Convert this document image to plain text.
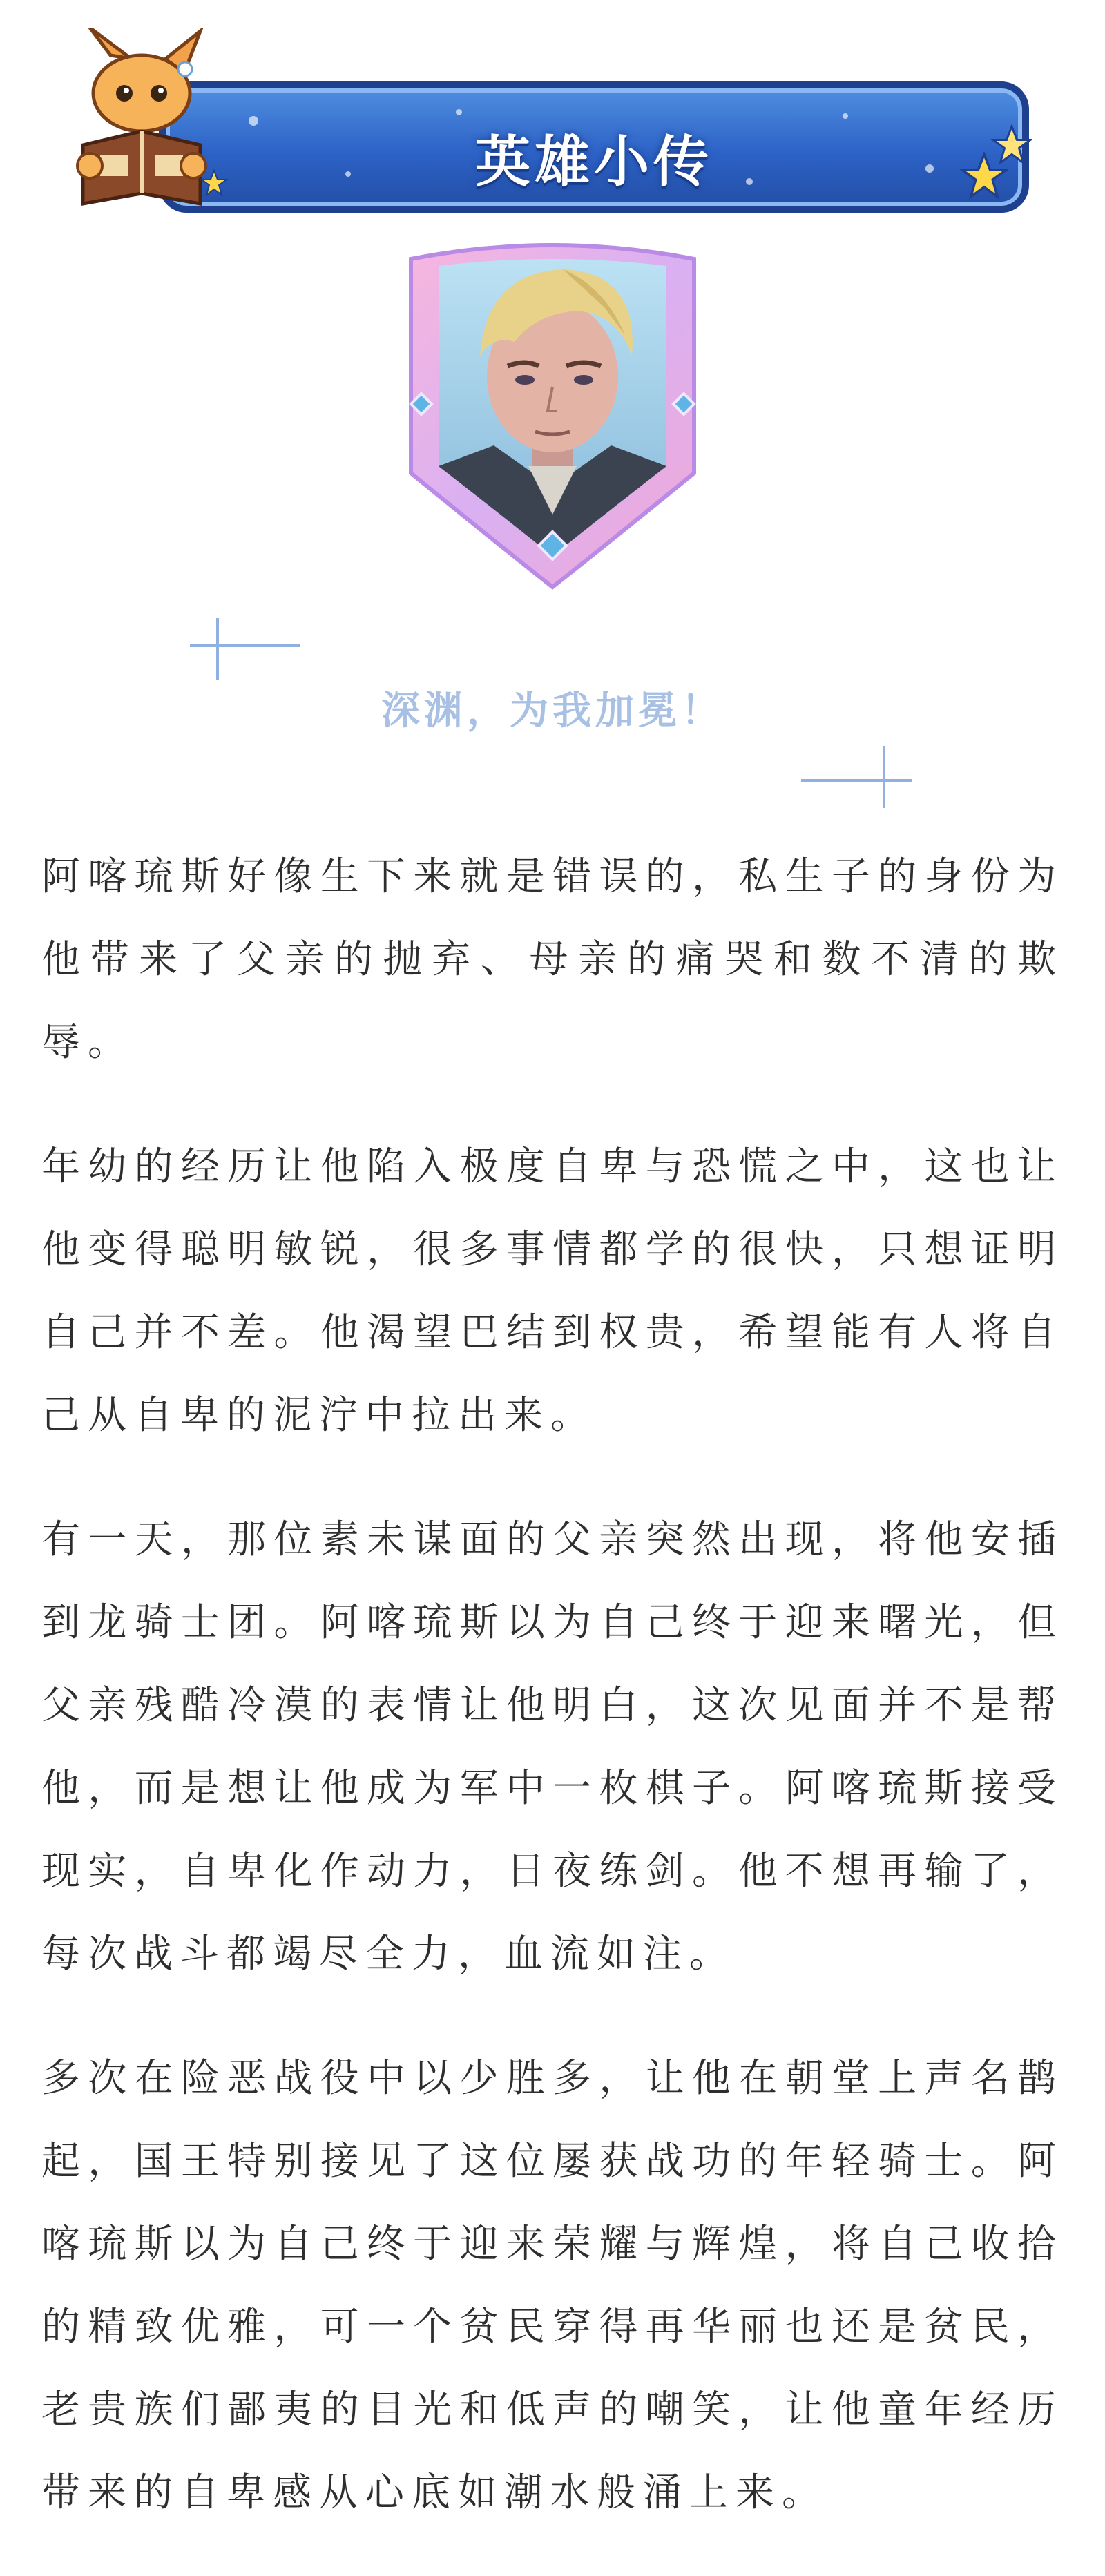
英雄小传
深渊，为我加冕！

阿喀琉斯好像生下来就是错误的，私生子的身份为他带来了父亲的抛弃、母亲的痛哭和数不清的欺辱。

年幼的经历让他陷入极度自卑与恐慌之中，这也让他变得聪明敏锐，很多事情都学的很快，只想证明自己并不差。他渴望巴结到权贵，希望能有人将自己从自卑的泥泞中拉出来。

有一天，那位素未谋面的父亲突然出现，将他安插到龙骑士团。阿喀琉斯以为自己终于迎来曙光，但父亲残酷冷漠的表情让他明白，这次见面并不是帮他，而是想让他成为军中一枚棋子。阿喀琉斯接受现实，自卑化作动力，日夜练剑。他不想再输了，每次战斗都竭尽全力，血流如注。

多次在险恶战役中以少胜多，让他在朝堂上声名鹊起，国王特别接见了这位屡获战功的年轻骑士。阿喀琉斯以为自己终于迎来荣耀与辉煌，将自己收拾的精致优雅，可一个贫民穿得再华丽也还是贫民，老贵族们鄙夷的目光和低声的嘲笑，让他童年经历带来的自卑感从心底如潮水般涌上来。
